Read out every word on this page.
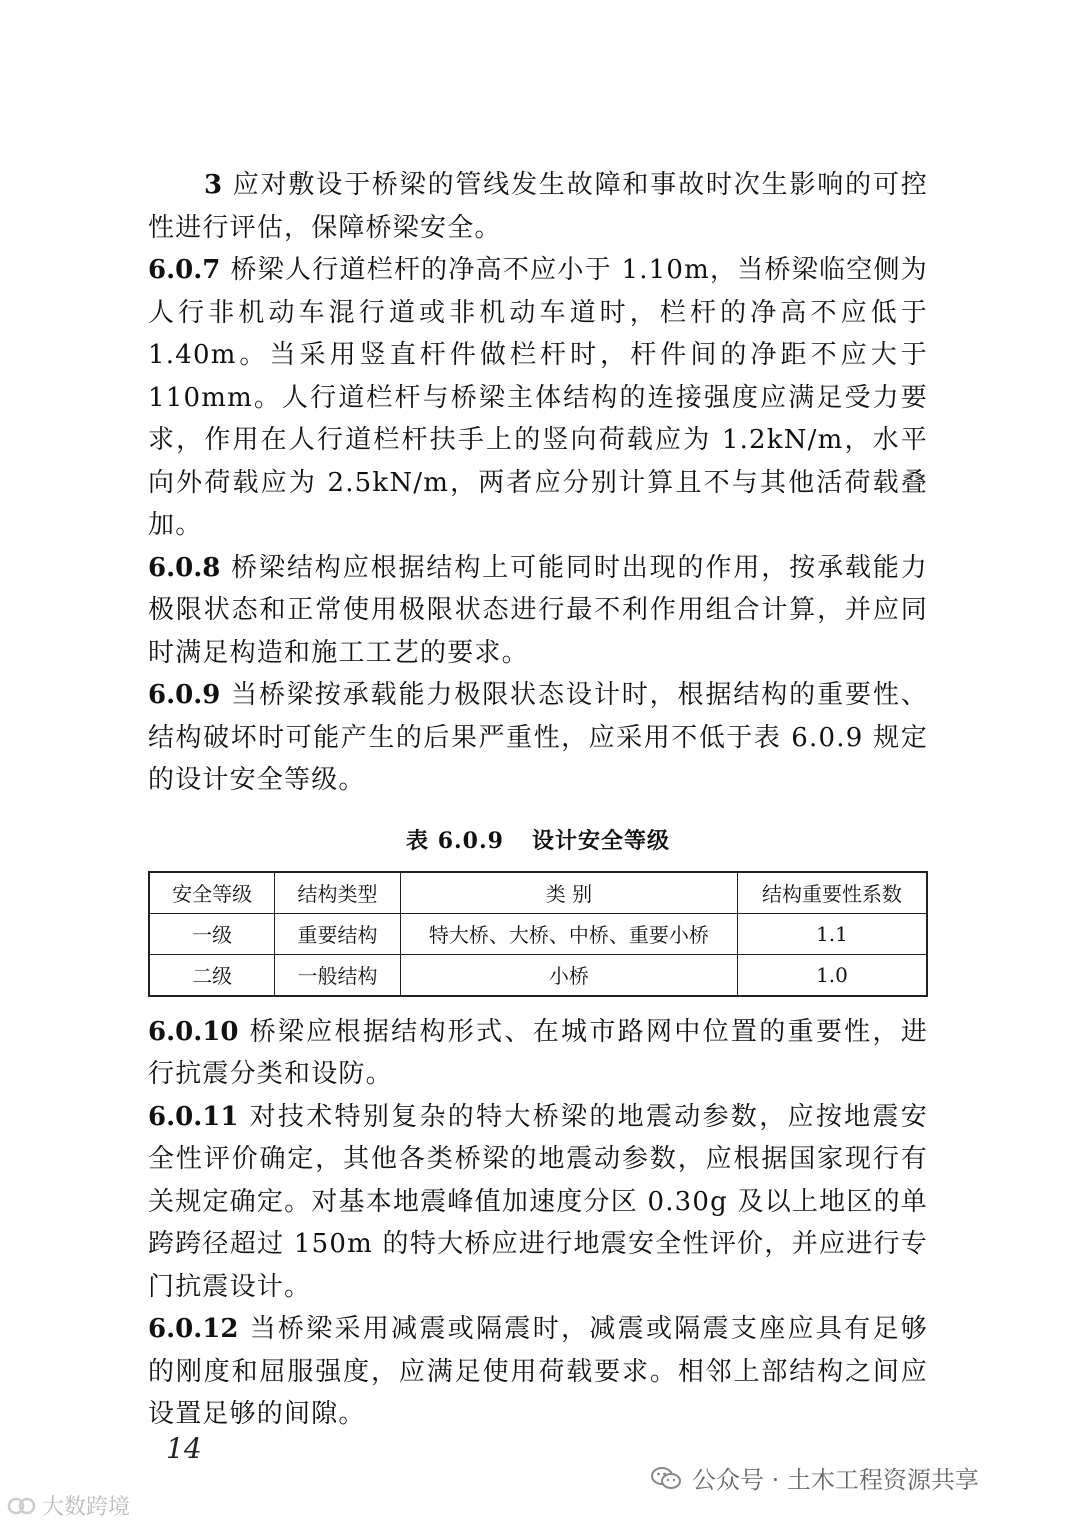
3 应对敷设于桥梁的管线发生故障和事故时次生影响的可控性进行评估，保障桥梁安全。

6.0.7 桥梁人行道栏杆的净高不应小于 1.10m，当桥梁临空侧为人行非机动车混行道或非机动车道时，栏杆的净高不应低于 1.40m。当采用竖直杆件做栏杆时，杆件间的净距不应大于 110mm。人行道栏杆与桥梁主体结构的连接强度应满足受力要求，作用在人行道栏杆扶手上的竖向荷载应为 1.2kN/m，水平向外荷载应为 2.5kN/m，两者应分别计算且不与其他活荷载叠加。

6.0.8 桥梁结构应根据结构上可能同时出现的作用，按承载能力极限状态和正常使用极限状态进行最不利作用组合计算，并应同时满足构造和施工工艺的要求。

6.0.9 当桥梁按承载能力极限状态设计时，根据结构的重要性、结构破坏时可能产生的后果严重性，应采用不低于表 6.0.9 规定的设计安全等级。

表 6.0.9 设计安全等级
安全等级	结构类型	类 别	结构重要性系数
一级	重要结构	特大桥、大桥、中桥、重要小桥	1.1
二级	一般结构	小桥	1.0

6.0.10 桥梁应根据结构形式、在城市路网中位置的重要性，进行抗震分类和设防。

6.0.11 对技术特别复杂的特大桥梁的地震动参数，应按地震安全性评价确定，其他各类桥梁的地震动参数，应根据国家现行有关规定确定。对基本地震峰值加速度分区 0.30g 及以上地区的单跨跨径超过 150m 的特大桥应进行地震安全性评价，并应进行专门抗震设计。

6.0.12 当桥梁采用减震或隔震时，减震或隔震支座应具有足够的刚度和屈服强度，应满足使用荷载要求。相邻上部结构之间应设置足够的间隙。

14
大数跨境
公众号 · 土木工程资源共享
